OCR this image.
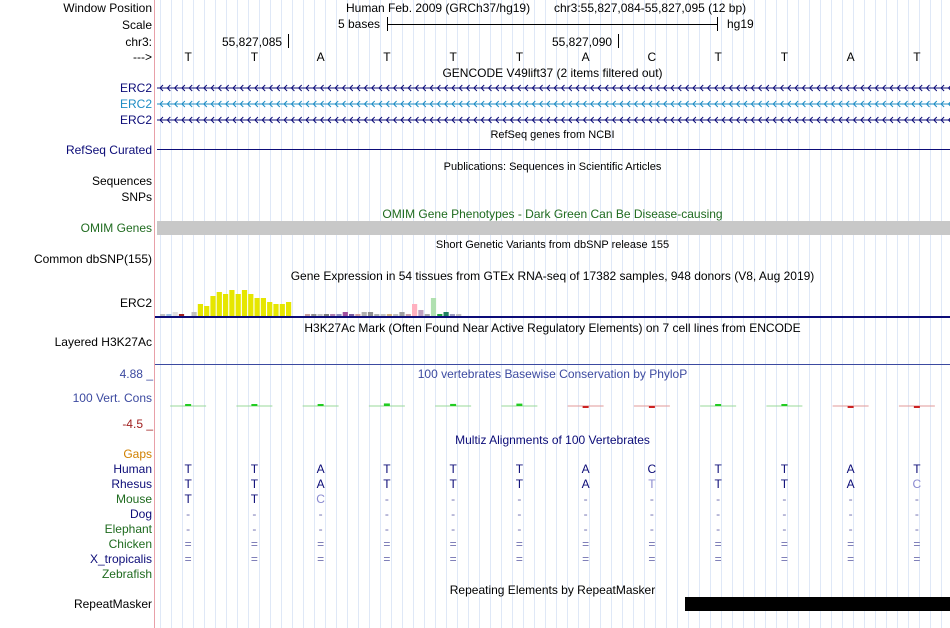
Window Position
Scale
chr3:
--->
Human Feb. 2009 (GRCh37/hg19) chr3:55,827,084-55,827,095 (12 bp)
5 bases	hg19
55,827,085	55,827,090
T	T	A	T	T	T	A	C	T	T	A	T
GENCODE V49lift37 (2 items filtered out)
ERC2
ERC2
ERC2
RefSeq genes from NCBI
RefSeq Curated
Publications: Sequences in Scientific Articles
Sequences
SNPs
OMIM Gene Phenotypes - Dark Green Can Be Disease-causing
OMIM Genes
Short Genetic Variants from dbSNP release 155
Common dbSNP(155)
Gene Expression in 54 tissues from GTEx RNA-seq of 17382 samples, 948 donors (V8, Aug 2019)
ERC2
H3K27Ac Mark (Often Found Near Active Regulatory Elements) on 7 cell lines from ENCODE
Layered H3K27Ac
100 vertebrates Basewise Conservation by PhyloP
4.88 _
100 Vert. Cons
-4.5 _
Multiz Alignments of 100 Vertebrates
Gaps
Human	T	T	A	T	T	T	A	C	T	T	A	T
Rhesus	T	T	A	T	T	T	A	T	T	T	A	C
Mouse	T	T	C	-	-	-	-	-	-	-	-	-
Dog	-	-	-	-	-	-	-	-	-	-	-	-
Elephant	-	-	-	-	-	-	-	-	-	-	-	-
Chicken	=	=	=	=	=	=	=	=	=	=	=	=
X_tropicalis	=	=	=	=	=	=	=	=	=	=	=	=
Zebrafish
Repeating Elements by RepeatMasker
RepeatMasker
